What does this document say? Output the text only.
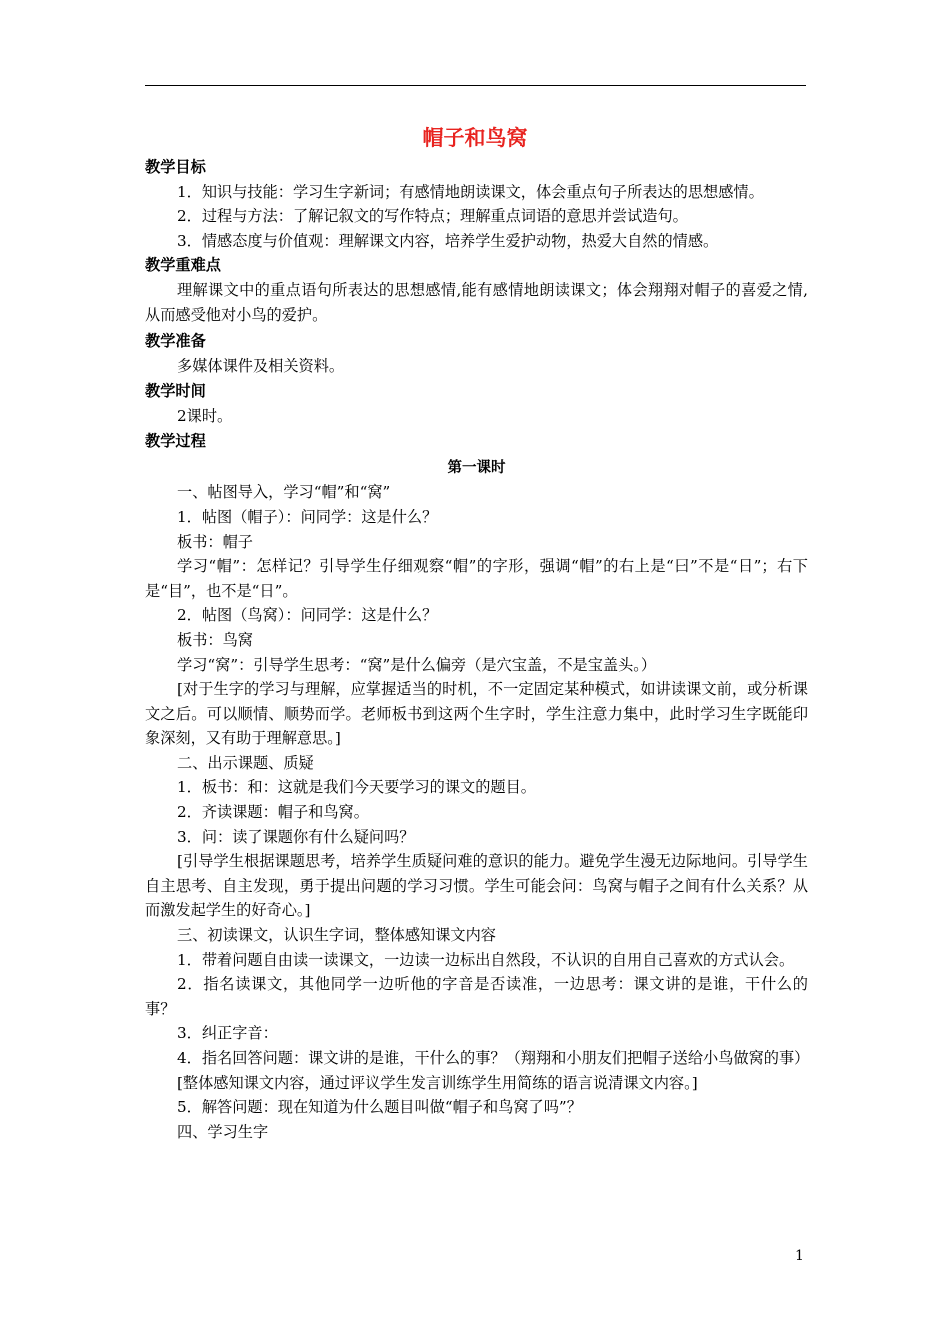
帽子和鸟窝

教学目标

1．知识与技能：学习生字新词；有感情地朗读课文，体会重点句子所表达的思想感情。

2．过程与方法：了解记叙文的写作特点；理解重点词语的意思并尝试造句。

3．情感态度与价值观：理解课文内容，培养学生爱护动物，热爱大自然的情感。

教学重难点

理解课文中的重点语句所表达的思想感情,能有感情地朗读课文；体会翔翔对帽子的喜爱之情,从而感受他对小鸟的爱护。

教学准备

多媒体课件及相关资料。

教学时间

2课时。

教学过程

第一课时

一、帖图导入，学习“帽”和“窝”

1．帖图（帽子）：问同学：这是什么？

板书：帽子

学习“帽”：怎样记？引导学生仔细观察“帽”的字形，强调“帽”的右上是“曰”不是“日”；右下是“目”，也不是“日”。

2．帖图（鸟窝）：问同学：这是什么？

板书：鸟窝

学习“窝”：引导学生思考：“窝”是什么偏旁（是穴宝盖，不是宝盖头。）

[对于生字的学习与理解，应掌握适当的时机，不一定固定某种模式，如讲读课文前，或分析课文之后。可以顺情、顺势而学。老师板书到这两个生字时，学生注意力集中，此时学习生字既能印象深刻，又有助于理解意思。]

二、出示课题、质疑

1．板书：和：这就是我们今天要学习的课文的题目。

2．齐读课题：帽子和鸟窝。

3．问：读了课题你有什么疑问吗？

[引导学生根据课题思考，培养学生质疑问难的意识的能力。避免学生漫无边际地问。引导学生自主思考、自主发现，勇于提出问题的学习习惯。学生可能会问：鸟窝与帽子之间有什么关系？从而激发起学生的好奇心。]

三、初读课文，认识生字词，整体感知课文内容

1．带着问题自由读一读课文，一边读一边标出自然段，不认识的自用自己喜欢的方式认会。

2．指名读课文，其他同学一边听他的字音是否读准，一边思考：课文讲的是谁，干什么的事？

3．纠正字音：

4．指名回答问题：课文讲的是谁，干什么的事？（翔翔和小朋友们把帽子送给小鸟做窝的事）

[整体感知课文内容，通过评议学生发言训练学生用简练的语言说清课文内容。]

5．解答问题：现在知道为什么题目叫做“帽子和鸟窝了吗”？

四、学习生字

1
